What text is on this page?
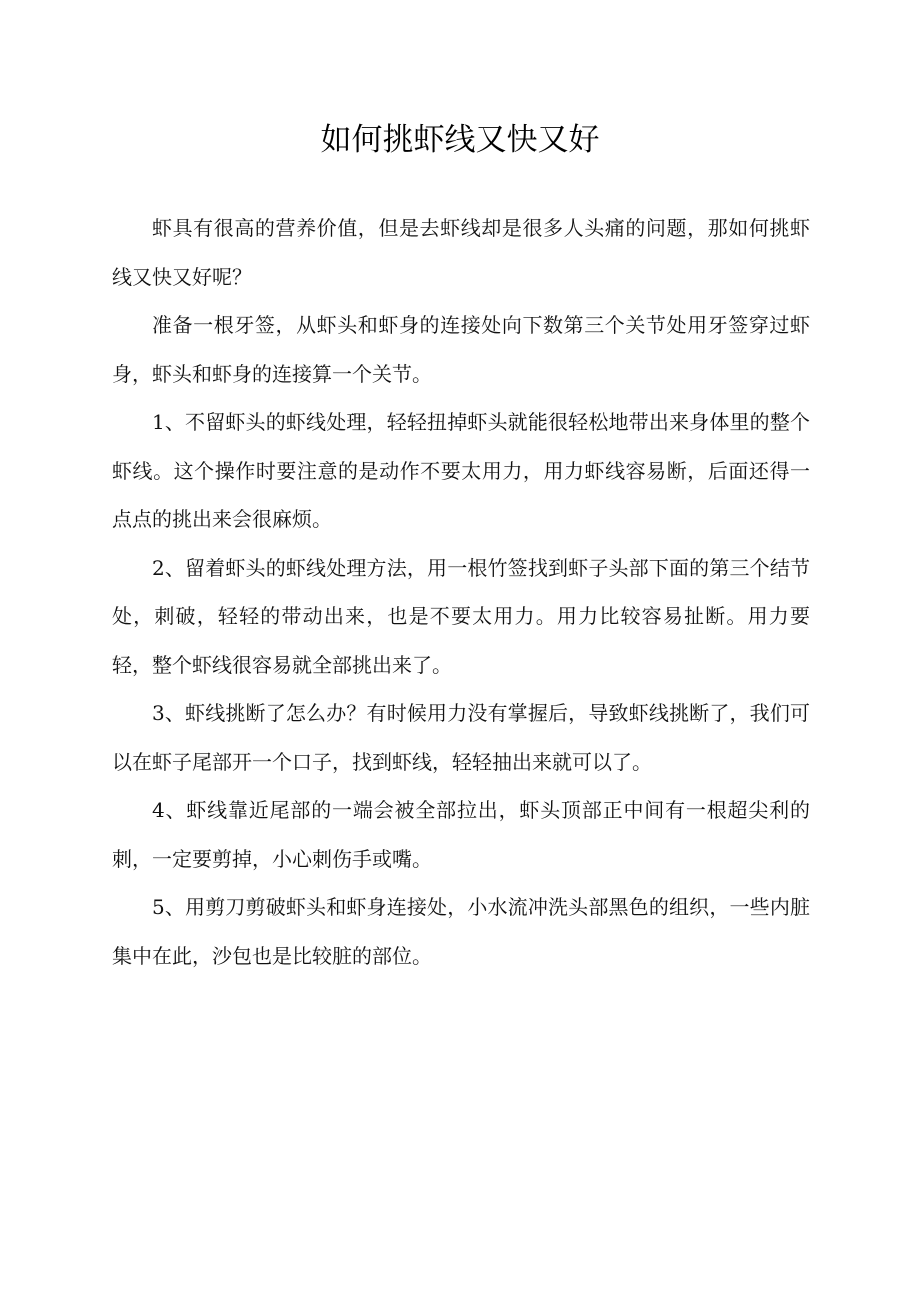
如何挑虾线又快又好

虾具有很高的营养价值，但是去虾线却是很多人头痛的问题，那如何挑虾线又快又好呢？

准备一根牙签，从虾头和虾身的连接处向下数第三个关节处用牙签穿过虾身，虾头和虾身的连接算一个关节。

1、不留虾头的虾线处理，轻轻扭掉虾头就能很轻松地带出来身体里的整个虾线。这个操作时要注意的是动作不要太用力，用力虾线容易断，后面还得一点点的挑出来会很麻烦。

2、留着虾头的虾线处理方法，用一根竹签找到虾子头部下面的第三个结节处，刺破，轻轻的带动出来，也是不要太用力。用力比较容易扯断。用力要轻，整个虾线很容易就全部挑出来了。

3、虾线挑断了怎么办？有时候用力没有掌握后，导致虾线挑断了，我们可以在虾子尾部开一个口子，找到虾线，轻轻抽出来就可以了。

4、虾线靠近尾部的一端会被全部拉出，虾头顶部正中间有一根超尖利的刺，一定要剪掉，小心刺伤手或嘴。

5、用剪刀剪破虾头和虾身连接处，小水流冲洗头部黑色的组织，一些内脏集中在此，沙包也是比较脏的部位。
